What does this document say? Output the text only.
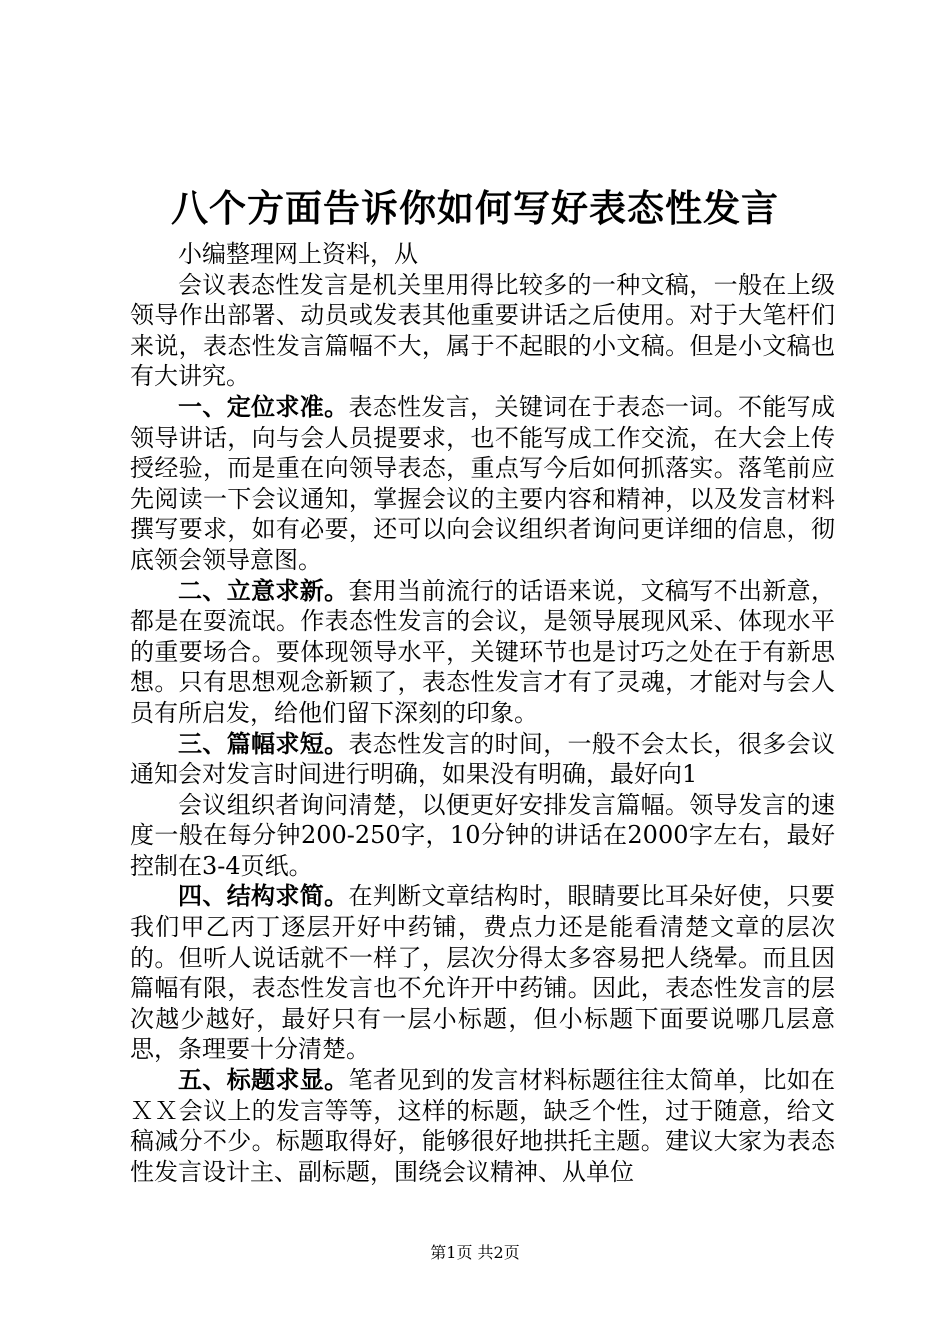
八个方面告诉你如何写好表态性发言

小编整理网上资料，从

会议表态性发言是机关里用得比较多的一种文稿，一般在上级领导作出部署、动员或发表其他重要讲话之后使用。对于大笔杆们来说，表态性发言篇幅不大，属于不起眼的小文稿。但是小文稿也有大讲究。

一、定位求准。表态性发言，关键词在于表态一词。不能写成领导讲话，向与会人员提要求，也不能写成工作交流，在大会上传授经验，而是重在向领导表态，重点写今后如何抓落实。落笔前应先阅读一下会议通知，掌握会议的主要内容和精神，以及发言材料撰写要求，如有必要，还可以向会议组织者询问更详细的信息，彻底领会领导意图。

二、立意求新。套用当前流行的话语来说，文稿写不出新意，都是在耍流氓。作表态性发言的会议，是领导展现风采、体现水平的重要场合。要体现领导水平，关键环节也是讨巧之处在于有新思想。只有思想观念新颖了，表态性发言才有了灵魂，才能对与会人员有所启发，给他们留下深刻的印象。

三、篇幅求短。表态性发言的时间，一般不会太长，很多会议通知会对发言时间进行明确，如果没有明确，最好向1

会议组织者询问清楚，以便更好安排发言篇幅。领导发言的速度一般在每分钟200-250字，10分钟的讲话在2000字左右，最好控制在3-4页纸。

四、结构求简。在判断文章结构时，眼睛要比耳朵好使，只要我们甲乙丙丁逐层开好中药铺，费点力还是能看清楚文章的层次的。但听人说话就不一样了，层次分得太多容易把人绕晕。而且因篇幅有限，表态性发言也不允许开中药铺。因此，表态性发言的层次越少越好，最好只有一层小标题，但小标题下面要说哪几层意思，条理要十分清楚。

五、标题求显。笔者见到的发言材料标题往往太简单，比如在ＸＸ会议上的发言等等，这样的标题，缺乏个性，过于随意，给文稿减分不少。标题取得好，能够很好地拱托主题。建议大家为表态性发言设计主、副标题，围绕会议精神、从单位

第1页 共2页
